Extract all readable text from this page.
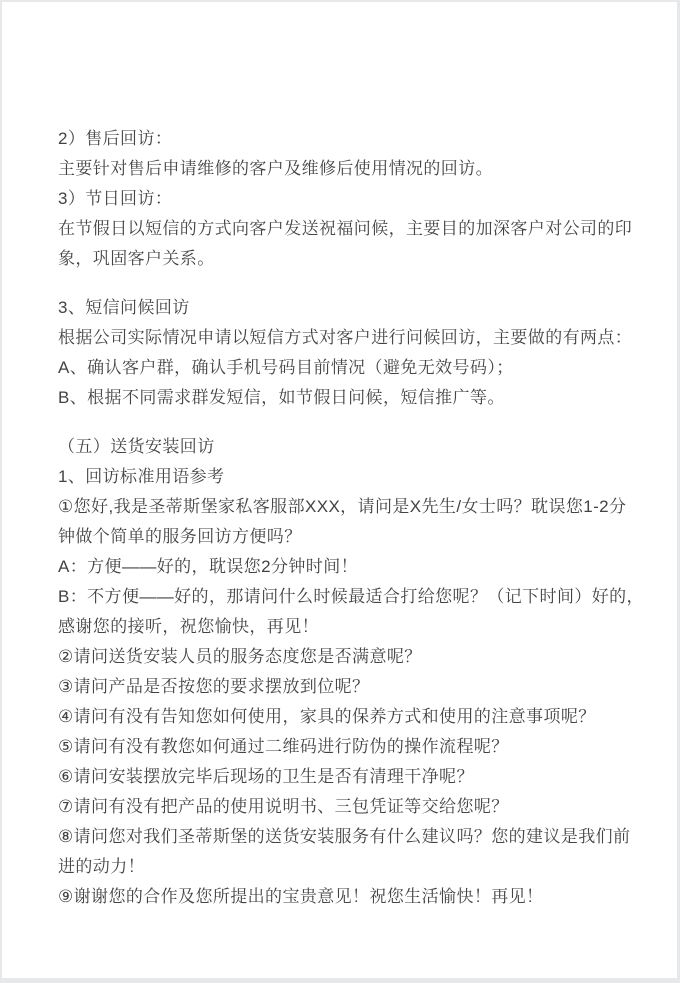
2）售后回访：
主要针对售后申请维修的客户及维修后使用情况的回访。
3）节日回访：
在节假日以短信的方式向客户发送祝福问候，主要目的加深客户对公司的印
象，巩固客户关系。
3、短信问候回访
根据公司实际情况申请以短信方式对客户进行问候回访，主要做的有两点：
A、确认客户群，确认手机号码目前情况（避免无效号码）；
B、根据不同需求群发短信，如节假日问候，短信推广等。
（五）送货安装回访
1、回访标准用语参考
①您好,我是圣蒂斯堡家私客服部XXX，请问是X先生/女士吗？耽误您1-2分
钟做个简单的服务回访方便吗？
A：方便——好的，耽误您2分钟时间！
B：不方便——好的，那请问什么时候最适合打给您呢？（记下时间）好的，
感谢您的接听，祝您愉快，再见！
②请问送货安装人员的服务态度您是否满意呢？
③请问产品是否按您的要求摆放到位呢？
④请问有没有告知您如何使用，家具的保养方式和使用的注意事项呢？
⑤请问有没有教您如何通过二维码进行防伪的操作流程呢？
⑥请问安装摆放完毕后现场的卫生是否有清理干净呢？
⑦请问有没有把产品的使用说明书、三包凭证等交给您呢？
⑧请问您对我们圣蒂斯堡的送货安装服务有什么建议吗？您的建议是我们前
进的动力！
⑨谢谢您的合作及您所提出的宝贵意见！祝您生活愉快！再见！
